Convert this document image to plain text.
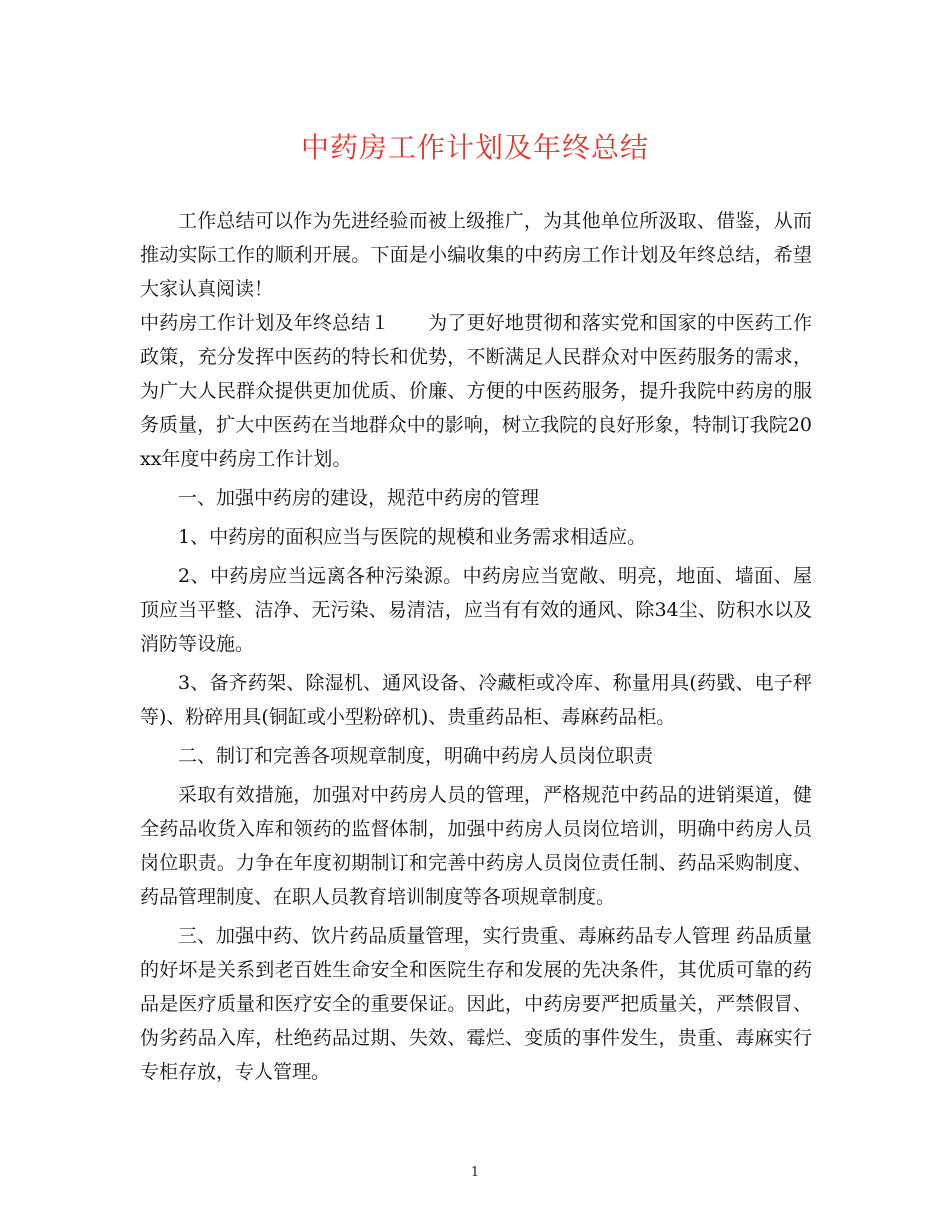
中药房工作计划及年终总结

工作总结可以作为先进经验而被上级推广，为其他单位所汲取、借鉴，从而推动实际工作的顺利开展。下面是小编收集的中药房工作计划及年终总结，希望大家认真阅读！

中药房工作计划及年终总结１　　为了更好地贯彻和落实党和国家的中医药工作政策，充分发挥中医药的特长和优势，不断满足人民群众对中医药服务的需求，为广大人民群众提供更加优质、价廉、方便的中医药服务，提升我院中药房的服务质量，扩大中医药在当地群众中的影响，树立我院的良好形象，特制订我院20xx年度中药房工作计划。

一、加强中药房的建设，规范中药房的管理

1、中药房的面积应当与医院的规模和业务需求相适应。

2、中药房应当远离各种污染源。中药房应当宽敞、明亮，地面、墙面、屋顶应当平整、洁净、无污染、易清洁，应当有有效的通风、除34尘、防积水以及消防等设施。

3、备齐药架、除湿机、通风设备、冷藏柜或冷库、称量用具(药戥、电子秤等)、粉碎用具(铜缸或小型粉碎机)、贵重药品柜、毒麻药品柜。

二、制订和完善各项规章制度，明确中药房人员岗位职责

采取有效措施，加强对中药房人员的管理，严格规范中药品的进销渠道，健全药品收货入库和领药的监督体制，加强中药房人员岗位培训，明确中药房人员岗位职责。力争在年度初期制订和完善中药房人员岗位责任制、药品采购制度、药品管理制度、在职人员教育培训制度等各项规章制度。

三、加强中药、饮片药品质量管理，实行贵重、毒麻药品专人管理 药品质量的好坏是关系到老百姓生命安全和医院生存和发展的先决条件，其优质可靠的药品是医疗质量和医疗安全的重要保证。因此，中药房要严把质量关，严禁假冒、伪劣药品入库，杜绝药品过期、失效、霉烂、变质的事件发生，贵重、毒麻实行专柜存放，专人管理。

1
